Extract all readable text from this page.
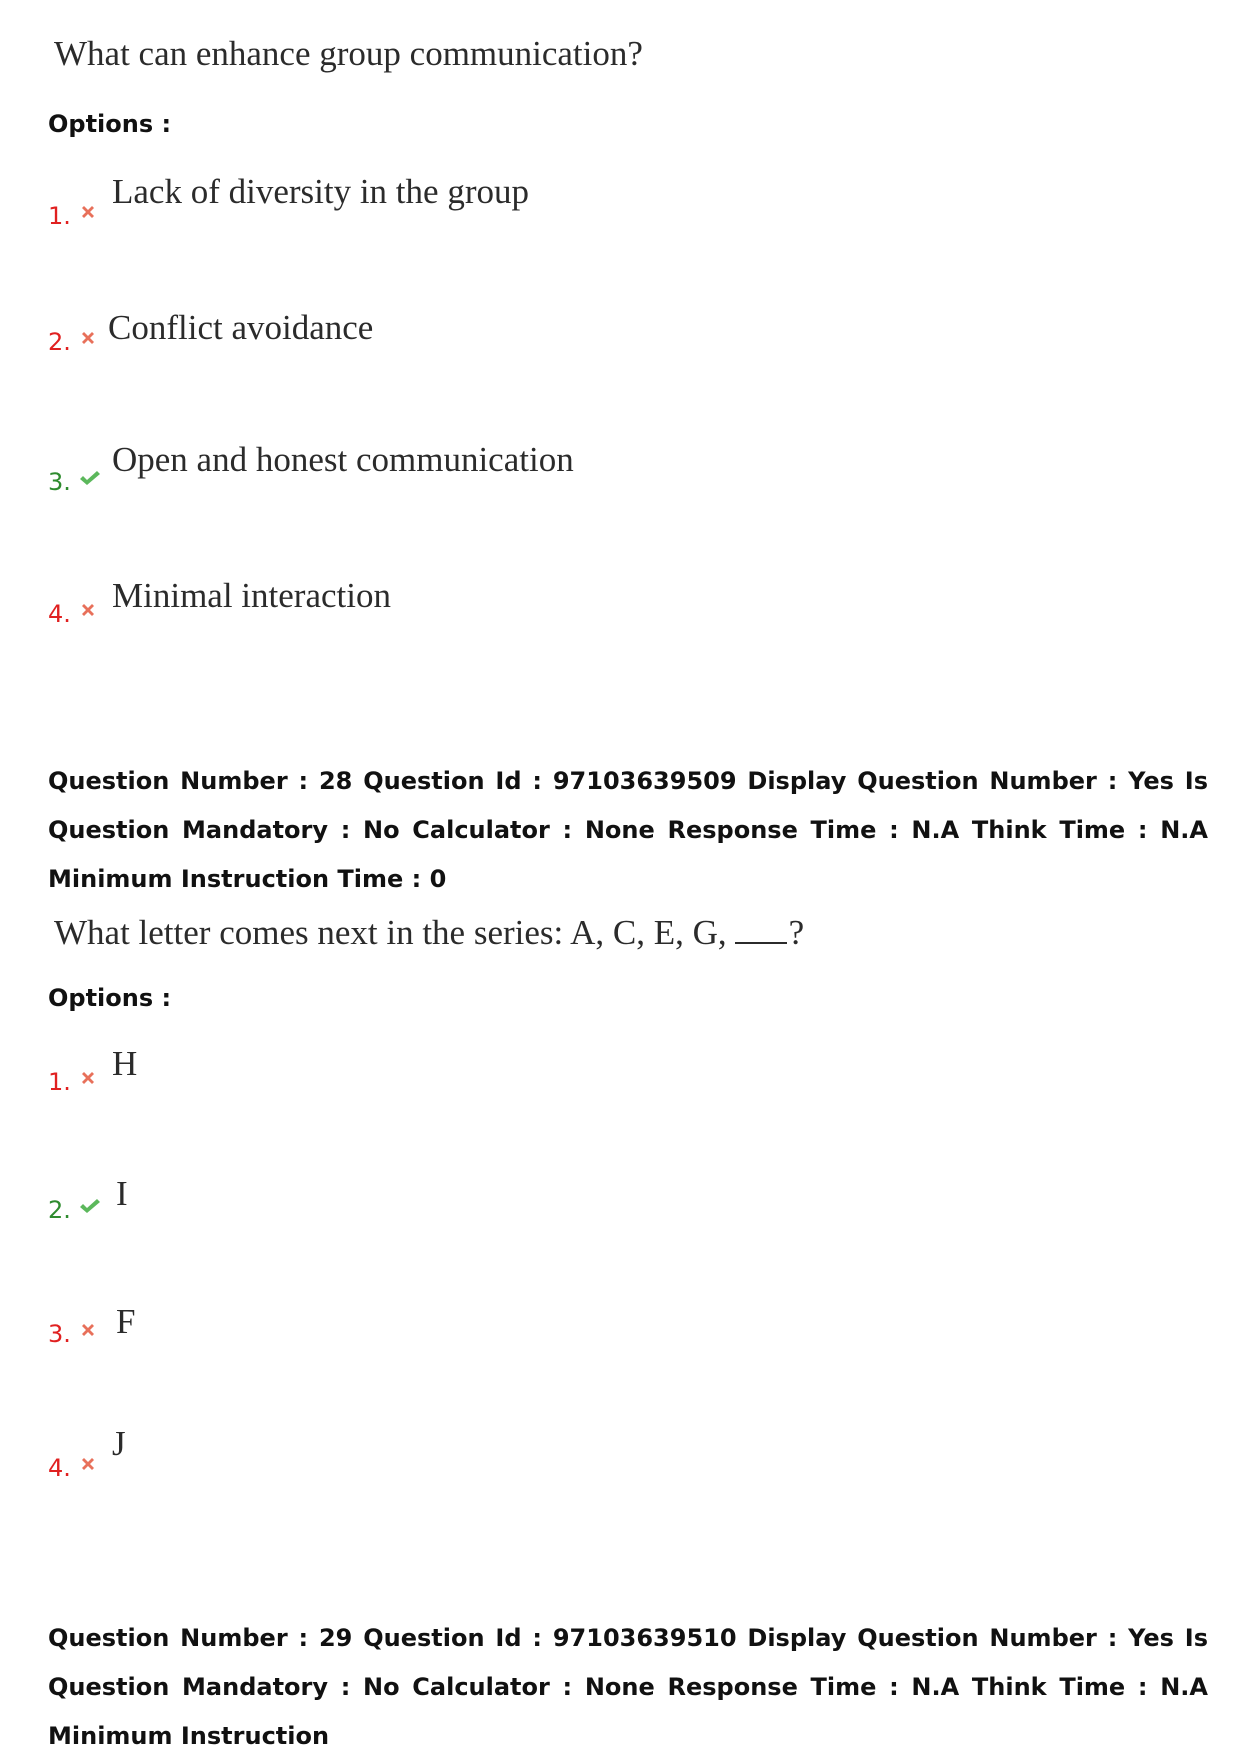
What can enhance group communication?
Options :
1.
Lack of diversity in the group
2. Conflict avoidance
3.
Open and honest communication
4. Minimal interaction
Question Number : 28 Question Id : 97103639509 Display Question Number : Yes Is Question Mandatory : No Calculator : None Response Time : N.A Think Time : N.A Minimum Instruction Time : 0
What letter comes next in the series: A, C, E, G, ?
Options :
1. H
2. I
3. F
4.
J
Question Number : 29 Question Id : 97103639510 Display Question Number : Yes Is Question Mandatory : No Calculator : None Response Time : N.A Think Time : N.A Minimum Instruction
